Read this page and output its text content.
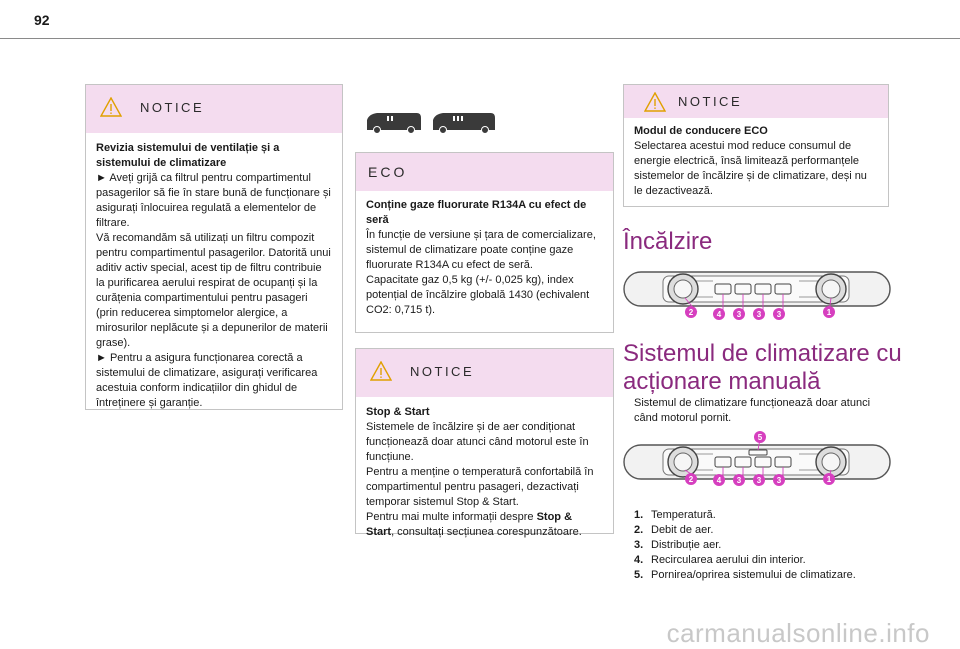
92
NOTICE
Revizia sistemului de ventilație și a sistemului de climatizare
► Aveți grijă ca filtrul pentru compartimentul pasagerilor să fie în stare bună de funcționare și asigurați înlocuirea regulată a elementelor de filtrare.
Vă recomandăm să utilizați un filtru compozit pentru compartimentul pasagerilor. Datorită unui aditiv activ special, acest tip de filtru contribuie la purificarea aerului respirat de ocupanți și la curățenia compartimentului pentru pasageri (prin reducerea simptomelor alergice, a mirosurilor neplăcute și a depunerilor de materii grase).
► Pentru a asigura funcționarea corectă a sistemului de climatizare, asigurați verificarea acestuia conform indicațiilor din ghidul de întreținere și garanție.
ECO
Conține gaze fluorurate R134A cu efect de seră
În funcție de versiune și țara de comercializare, sistemul de climatizare poate conține gaze fluorurate R134A cu efect de seră.
Capacitate gaz 0,5 kg (+/- 0,025 kg), index potențial de încălzire globală 1430 (echivalent CO2: 0,715 t).
NOTICE
Stop & Start
Sistemele de încălzire și de aer condiționat funcționează doar atunci când motorul este în funcțiune.
Pentru a menține o temperatură confortabilă în compartimentul pentru pasageri, dezactivați temporar sistemul Stop & Start.
Pentru mai multe informații despre Stop & Start, consultați secțiunea corespunzătoare.
NOTICE
Modul de conducere ECO
Selectarea acestui mod reduce consumul de energie electrică, însă limitează performanțele sistemelor de încălzire și de climatizare, deși nu le dezactivează.
Încălzire
2	4 3 3 3	1
Sistemul de climatizare cu
acționare manuală
Sistemul de climatizare funcționează doar atunci când motorul pornit.
5
2	4 3 3 3	1
1. Temperatură.
2. Debit de aer.
3. Distribuție aer.
4. Recircularea aerului din interior.
5. Pornirea/oprirea sistemului de climatizare.
carmanualsonline.info
